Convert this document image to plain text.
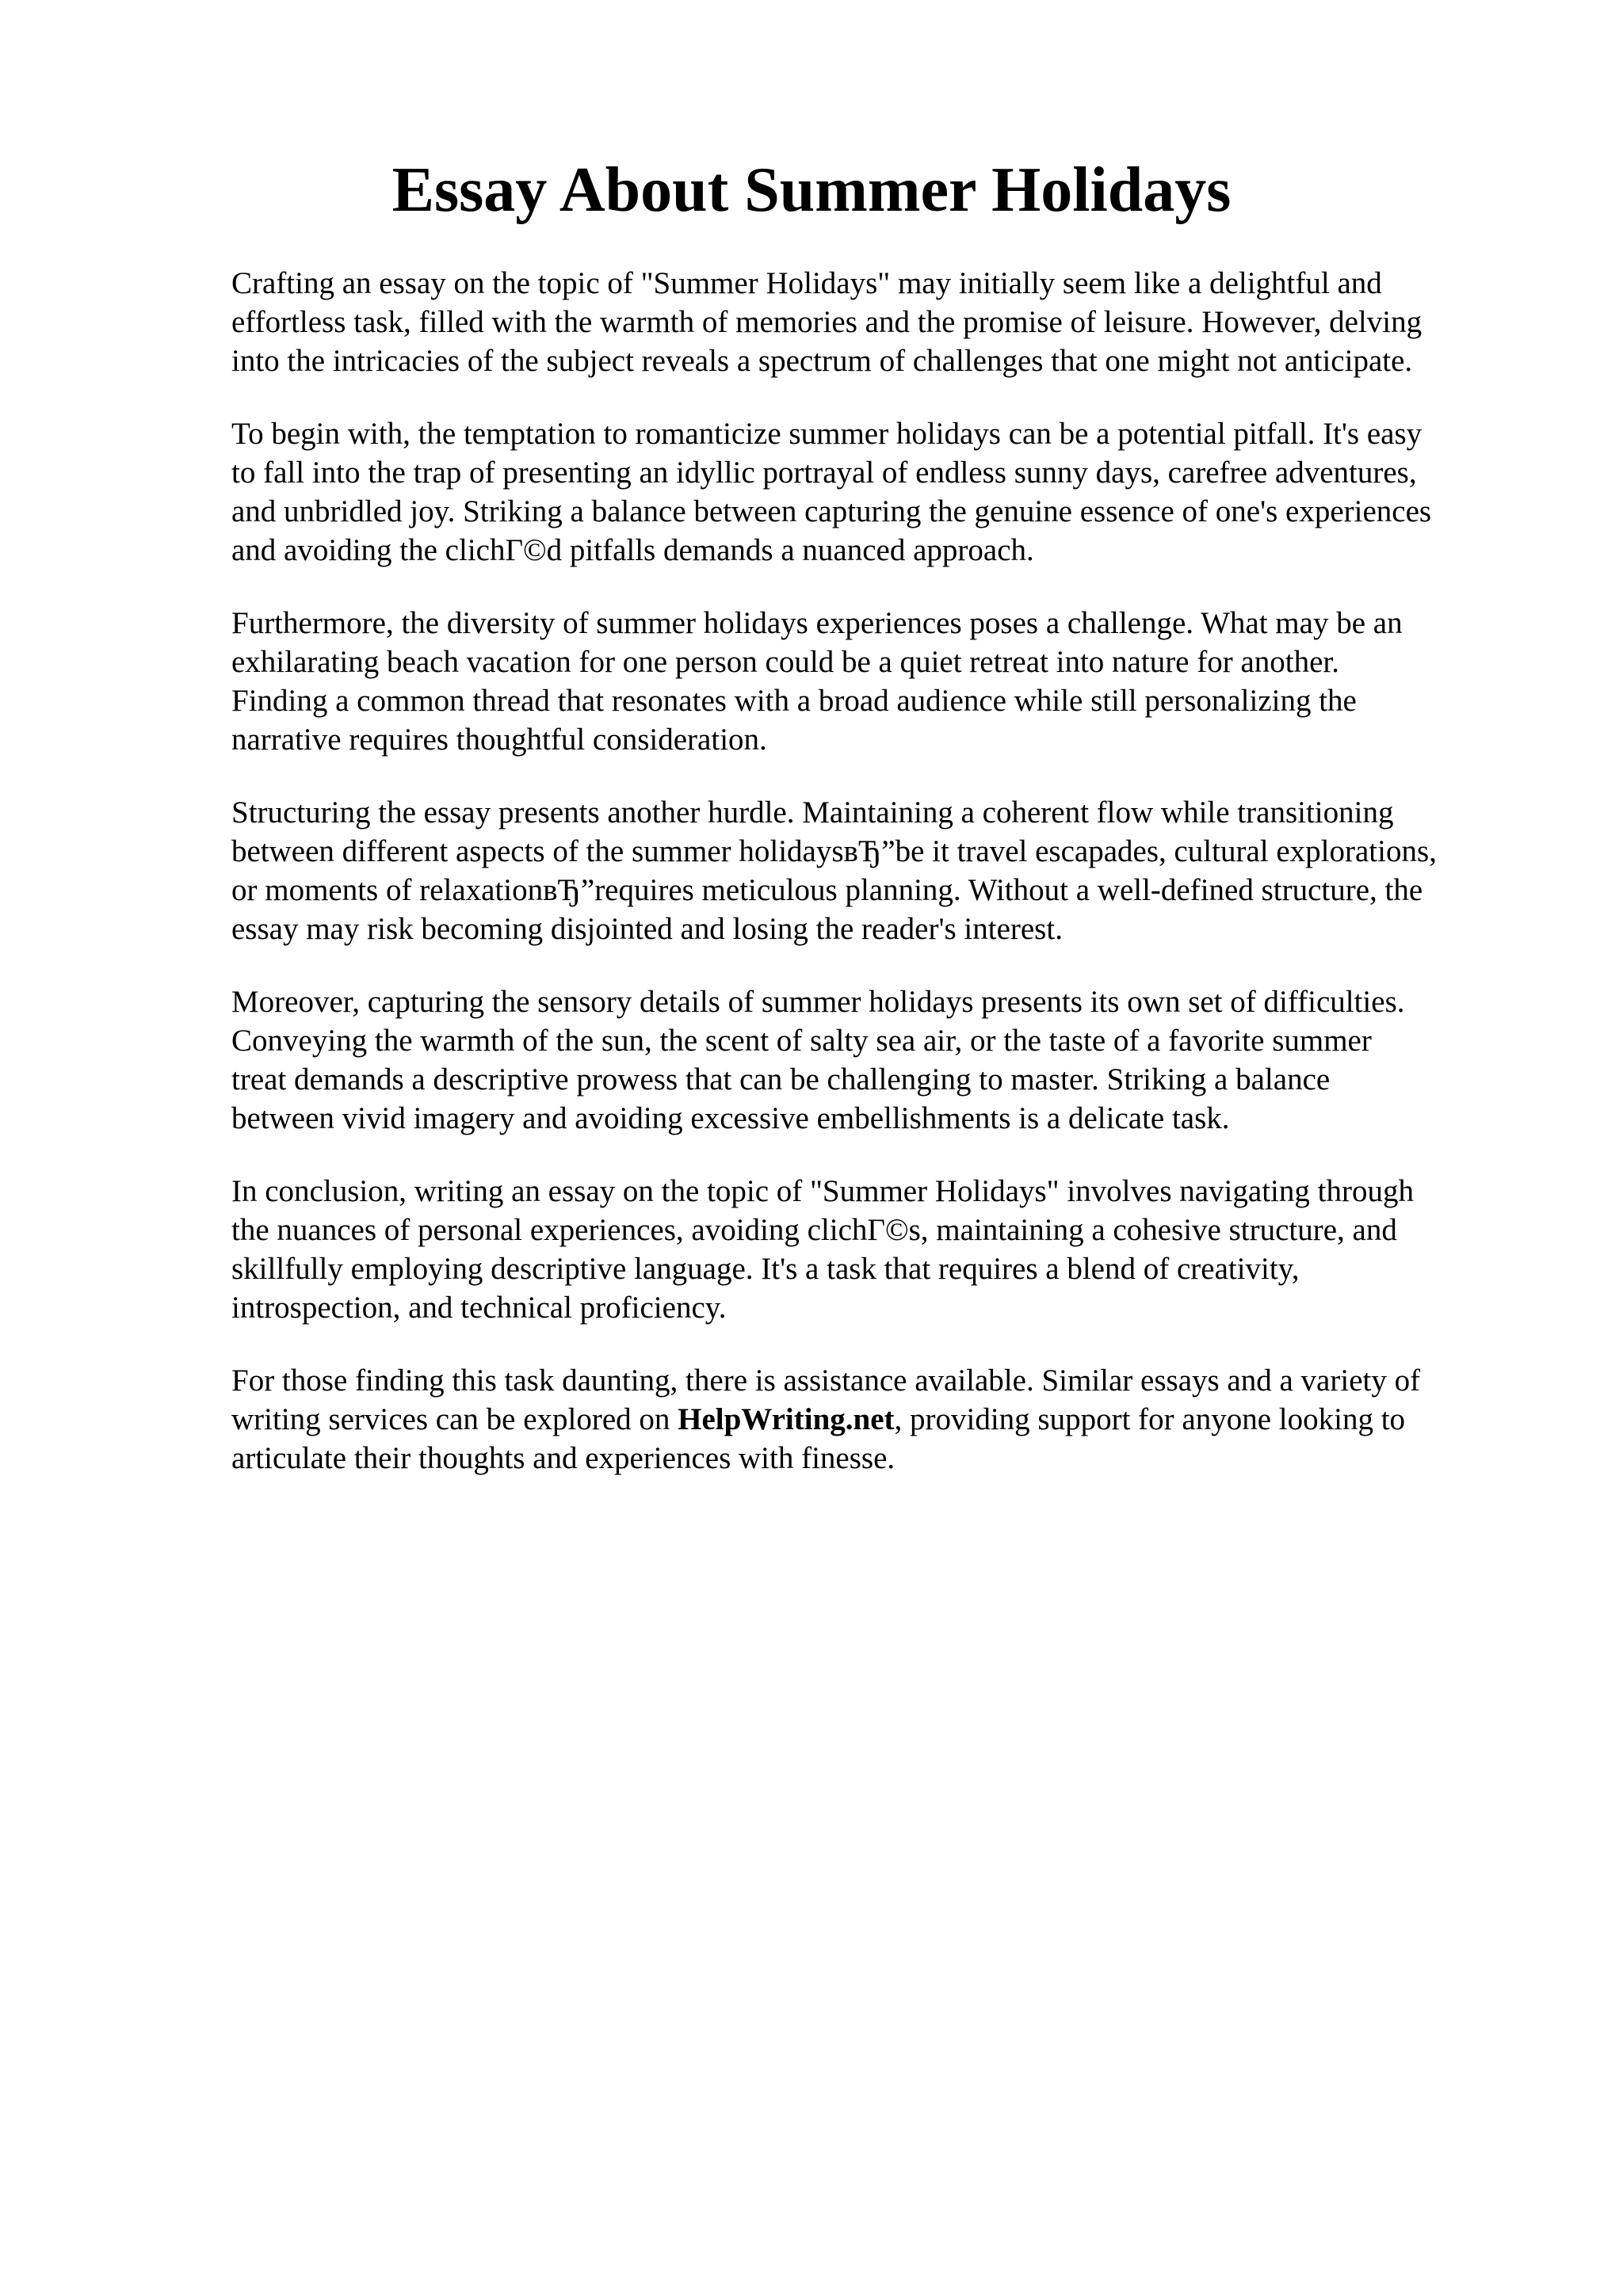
Essay About Summer Holidays

Crafting an essay on the topic of "Summer Holidays" may initially seem like a delightful and
effortless task, filled with the warmth of memories and the promise of leisure. However, delving
into the intricacies of the subject reveals a spectrum of challenges that one might not anticipate.

To begin with, the temptation to romanticize summer holidays can be a potential pitfall. It's easy
to fall into the trap of presenting an idyllic portrayal of endless sunny days, carefree adventures,
and unbridled joy. Striking a balance between capturing the genuine essence of one's experiences
and avoiding the clichГ©d pitfalls demands a nuanced approach.

Furthermore, the diversity of summer holidays experiences poses a challenge. What may be an
exhilarating beach vacation for one person could be a quiet retreat into nature for another.
Finding a common thread that resonates with a broad audience while still personalizing the
narrative requires thoughtful consideration.

Structuring the essay presents another hurdle. Maintaining a coherent flow while transitioning
between different aspects of the summer holidaysвЂ”be it travel escapades, cultural explorations,
or moments of relaxationвЂ”requires meticulous planning. Without a well-defined structure, the
essay may risk becoming disjointed and losing the reader's interest.

Moreover, capturing the sensory details of summer holidays presents its own set of difficulties.
Conveying the warmth of the sun, the scent of salty sea air, or the taste of a favorite summer
treat demands a descriptive prowess that can be challenging to master. Striking a balance
between vivid imagery and avoiding excessive embellishments is a delicate task.

In conclusion, writing an essay on the topic of "Summer Holidays" involves navigating through
the nuances of personal experiences, avoiding clichГ©s, maintaining a cohesive structure, and
skillfully employing descriptive language. It's a task that requires a blend of creativity,
introspection, and technical proficiency.

For those finding this task daunting, there is assistance available. Similar essays and a variety of
writing services can be explored on HelpWriting.net, providing support for anyone looking to
articulate their thoughts and experiences with finesse.
